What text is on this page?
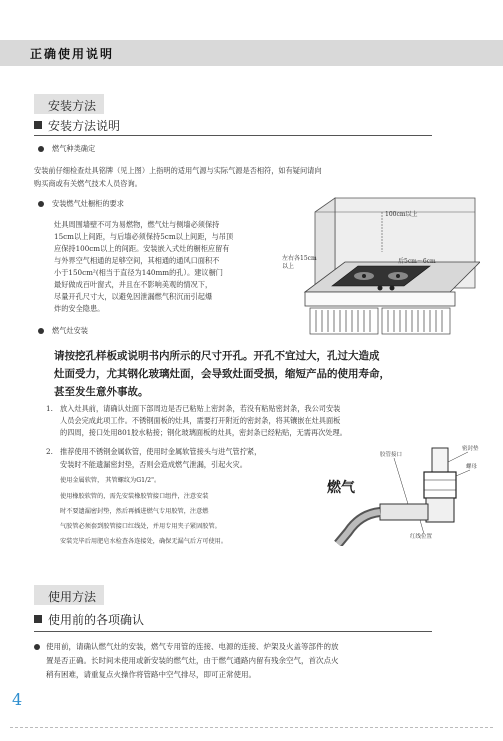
正确使用说明
安装方法
安装方法说明
燃气种类确定
安装前仔细检查灶具铭牌（见上图）上指明的适用气源与实际气源是否相符，如有疑问请向
购买商或有关燃气技术人员咨询。
安装燃气灶橱柜的要求
灶具周围墙壁不可为易燃物，燃气灶与侧墙必须保持
15cm以上间距，与后墙必须保持5cm以上间距，与吊顶
应保持100cm以上的间距。安装嵌入式灶的橱柜应留有
与外界空气相通的足够空间，其相通的通风口面积不
小于150cm²(相当于直径为140mm的孔）。建议橱门
最好做成百叶窗式，并且在不影响美观的情况下，
尽量开孔尺寸大，以避免因泄漏燃气积沉而引起爆
炸的安全隐患。
100cm以上
左右各15cm以上
后5cm～6cm
燃气灶安装
请按挖孔样板或说明书内所示的尺寸开孔。开孔不宜过大，孔过大造成
灶面受力，尤其钢化玻璃灶面，会导致灶面受损，缩短产品的使用寿命，
甚至发生意外事故。
1. 放入灶具前，请确认灶面下部周边是否已粘贴上密封条，若没有粘贴密封条，我公司安装
人员会完成此项工作。不锈钢面板的灶具，需要打开附近的密封条，将其镶嵌在灶具面板
的四周，接口处用801胶水粘接；钢化玻璃面板的灶具，密封条已经粘贴，无需再次处理。
2. 推荐使用不锈钢金属软管，使用时金属软管接头与进气管拧紧，
安装时不能遗漏密封垫，否则会造成燃气泄漏，引起火灾。
使用金属软管， 其管螺纹为G1/2"。
使用橡胶软管的，需先安装橡胶管接口组件，注意安装
时不要遗漏密封垫，然后再插进燃气专用胶管，注意燃
气胶管必须套到胶管接口红线处，并用专用夹子紧固胶管。
安装完毕后用肥皂水检查各连接处，确保无漏气后方可使用。
密封垫
螺母
胶管接口
燃气
红线位置
使用方法
使用前的各项确认
使用前，请确认燃气灶的安装，燃气专用管的连接、电源的连接、炉架及火盖等部件的放
置是否正确。长时间未使用或新安装的燃气灶，由于燃气通路内留有残余空气，首次点火
稍有困难，请重复点火操作将管路中空气排尽，即可正常使用。
4
